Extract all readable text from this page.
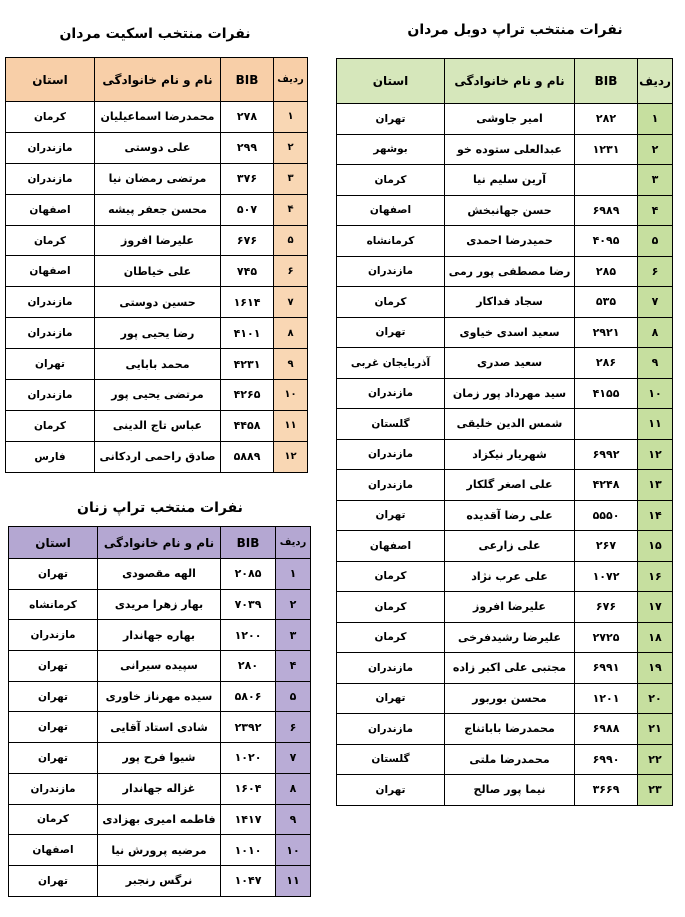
نفرات منتخب تراپ دوبل مردان
ردیف	BIB	نام و نام خانوادگی	استان
۱	۲۸۲	امیر جاوشی	تهران
۲	۱۲۳۱	عبدالعلی ستوده خو	بوشهر
۳		آرین سلیم نیا	کرمان
۴	۶۹۸۹	حسن جهانبخش	اصفهان
۵	۴۰۹۵	حمیدرضا احمدی	کرمانشاه
۶	۲۸۵	رضا مصطفی پور رمی	مازندران
۷	۵۳۵	سجاد فداکار	کرمان
۸	۲۹۲۱	سعید اسدی خیاوی	تهران
۹	۲۸۶	سعید صدری	آذربایجان غربی
۱۰	۴۱۵۵	سید مهرداد پور زمان	مازندران
۱۱		شمس الدین خلیقی	گلستان
۱۲	۶۹۹۲	شهریار نیکزاد	مازندران
۱۳	۴۲۴۸	علی اصغر گلکار	مازندران
۱۴	۵۵۵۰	علی رضا آقدیده	تهران
۱۵	۲۶۷	علی زارعی	اصفهان
۱۶	۱۰۷۲	علی عرب نژاد	کرمان
۱۷	۶۷۶	علیرضا افروز	کرمان
۱۸	۲۷۲۵	علیرضا رشیدفرخی	کرمان
۱۹	۶۹۹۱	مجتبی علی اکبر زاده	مازندران
۲۰	۱۲۰۱	محسن بوربور	تهران
۲۱	۶۹۸۸	محمدرضا باباتناج	مازندران
۲۲	۶۹۹۰	محمدرضا ملتی	گلستان
۲۳	۳۶۶۹	نیما پور صالح	تهران
نفرات منتخب اسکیت مردان
ردیف	BIB	نام و نام خانوادگی	استان
۱	۲۷۸	محمدرضا اسماعیلیان	کرمان
۲	۲۹۹	علی دوستی	مازندران
۳	۳۷۶	مرتضی رمضان نیا	مازندران
۴	۵۰۷	محسن جعفر پیشه	اصفهان
۵	۶۷۶	علیرضا افروز	کرمان
۶	۷۴۵	علی خیاطان	اصفهان
۷	۱۶۱۴	حسین دوستی	مازندران
۸	۴۱۰۱	رضا یحیی پور	مازندران
۹	۴۲۳۱	محمد بابایی	تهران
۱۰	۴۲۶۵	مرتضی یحیی پور	مازندران
۱۱	۴۴۵۸	عباس تاج الدینی	کرمان
۱۲	۵۸۸۹	صادق راحمی اردکانی	فارس
نفرات منتخب تراپ زنان
ردیف	BIB	نام و نام خانوادگی	استان
۱	۲۰۸۵	الهه مقصودی	تهران
۲	۷۰۳۹	بهار زهرا مریدی	کرمانشاه
۳	۱۲۰۰	بهاره جهاندار	مازندران
۴	۲۸۰	سپیده سیرانی	تهران
۵	۵۸۰۶	سیده مهرناز خاوری	تهران
۶	۲۳۹۲	شادی استاد آقایی	تهران
۷	۱۰۲۰	شیوا فرح پور	تهران
۸	۱۶۰۴	غزاله جهاندار	مازندران
۹	۱۴۱۷	فاطمه امیری بهزادی	کرمان
۱۰	۱۰۱۰	مرضیه پرورش نیا	اصفهان
۱۱	۱۰۴۷	نرگس رنجبر	تهران
